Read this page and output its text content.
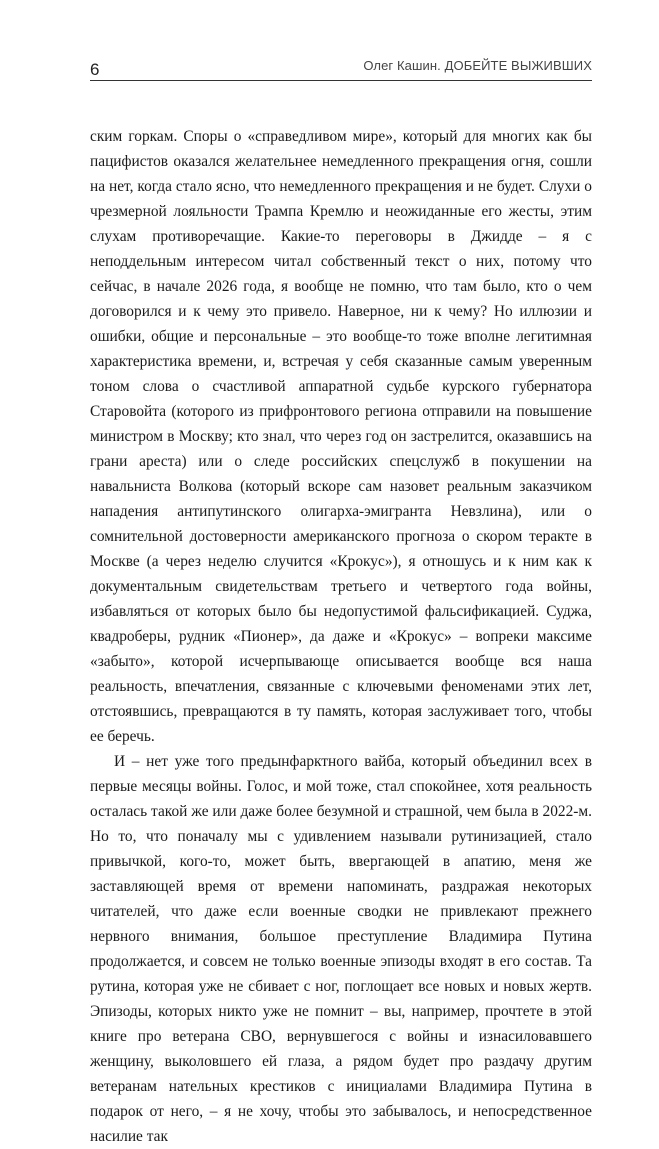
6	Олег Кашин. ДОБЕЙТЕ ВЫЖИВШИХ

ским горкам. Споры о «справедливом мире», который для многих как бы пацифистов оказался желательнее немедленного прекращения огня, сошли на нет, когда стало ясно, что немедленного прекращения и не будет. Слухи о чрезмерной лояльности Трампа Кремлю и неожиданные его жесты, этим слухам противоречащие. Какие-то переговоры в Джидде – я с неподдельным интересом читал собственный текст о них, потому что сейчас, в начале 2026 года, я вообще не помню, что там было, кто о чем договорился и к чему это привело. Наверное, ни к чему? Но иллюзии и ошибки, общие и персональные – это вообще-то тоже вполне легитимная характеристика времени, и, встречая у себя сказанные самым уверенным тоном слова о счастливой аппаратной судьбе курского губернатора Старовойта (которого из прифронтового региона отправили на повышение министром в Москву; кто знал, что через год он застрелится, оказавшись на грани ареста) или о следе российских спецслужб в покушении на навальниста Волкова (который вскоре сам назовет реальным заказчиком нападения антипутинского олигарха-эмигранта Невзлина), или о сомнительной достоверности американского прогноза о скором теракте в Москве (а через неделю случится «Крокус»), я отношусь и к ним как к документальным свидетельствам третьего и четвертого года войны, избавляться от которых было бы недопустимой фальсификацией. Суджа, квадроберы, рудник «Пионер», да даже и «Крокус» – вопреки максиме «забыто», которой исчерпывающе описывается вообще вся наша реальность, впечатления, связанные с ключевыми феноменами этих лет, отстоявшись, превращаются в ту память, которая заслуживает того, чтобы ее беречь.

И – нет уже того предынфарктного вайба, который объединил всех в первые месяцы войны. Голос, и мой тоже, стал спокойнее, хотя реальность осталась такой же или даже более безумной и страшной, чем была в 2022-м. Но то, что поначалу мы с удивлением называли рутинизацией, стало привычкой, кого-то, может быть, ввергающей в апатию, меня же заставляющей время от времени напоминать, раздражая некоторых читателей, что даже если военные сводки не привлекают прежнего нервного внимания, большое преступление Владимира Путина продолжается, и совсем не только военные эпизоды входят в его состав. Та рутина, которая уже не сбивает с ног, поглощает все новых и новых жертв. Эпизоды, которых никто уже не помнит – вы, например, прочтете в этой книге про ветерана СВО, вернувшегося с войны и изнасиловавшего женщину, выколовшего ей глаза, а рядом будет про раздачу другим ветеранам нательных крестиков с инициалами Владимира Путина в подарок от него, – я не хочу, чтобы это забывалось, и непосредственное насилие так
